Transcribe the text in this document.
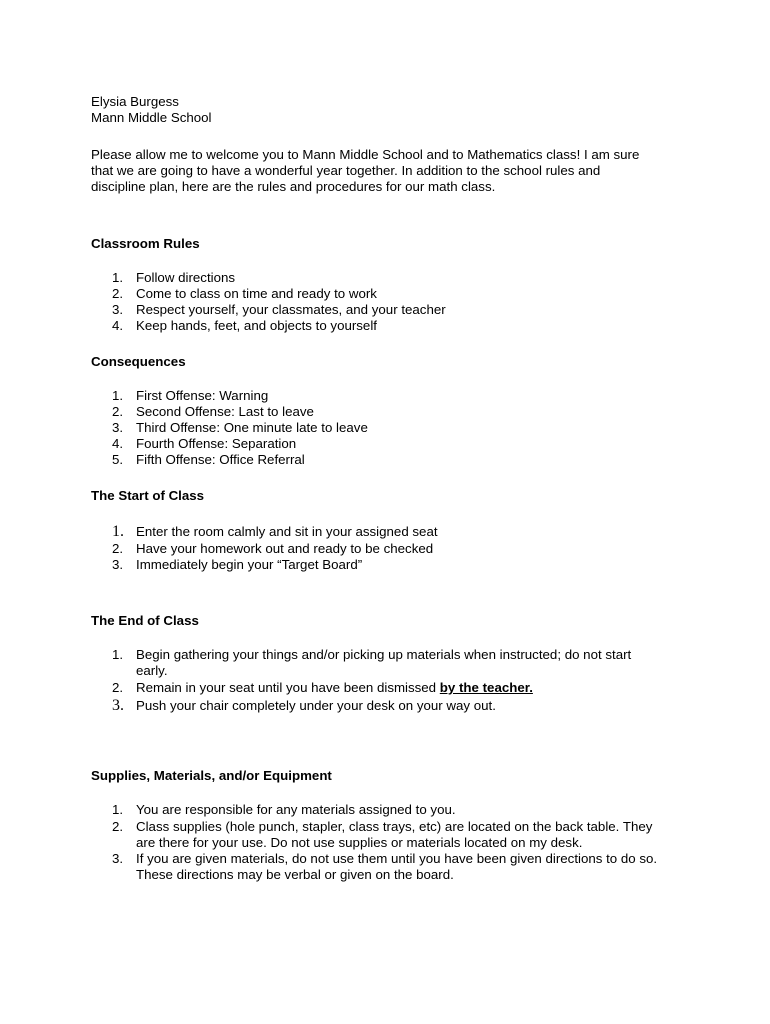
Elysia Burgess
Mann Middle School
Please allow me to welcome you to Mann Middle School and to Mathematics class! I am sure
that we are going to have a wonderful year together. In addition to the school rules and
discipline plan, here are the rules and procedures for our math class.
Classroom Rules
1. Follow directions
2. Come to class on time and ready to work
3. Respect yourself, your classmates, and your teacher
4. Keep hands, feet, and objects to yourself
Consequences
1. First Offense: Warning
2. Second Offense: Last to leave
3. Third Offense: One minute late to leave
4. Fourth Offense: Separation
5. Fifth Offense: Office Referral
The Start of Class
1. Enter the room calmly and sit in your assigned seat
2. Have your homework out and ready to be checked
3. Immediately begin your “Target Board”
The End of Class
1. Begin gathering your things and/or picking up materials when instructed; do not start
early.
2. Remain in your seat until you have been dismissed by the teacher.
3. Push your chair completely under your desk on your way out.
Supplies, Materials, and/or Equipment
1. You are responsible for any materials assigned to you.
2. Class supplies (hole punch, stapler, class trays, etc) are located on the back table. They
are there for your use. Do not use supplies or materials located on my desk.
3. If you are given materials, do not use them until you have been given directions to do so.
These directions may be verbal or given on the board.
